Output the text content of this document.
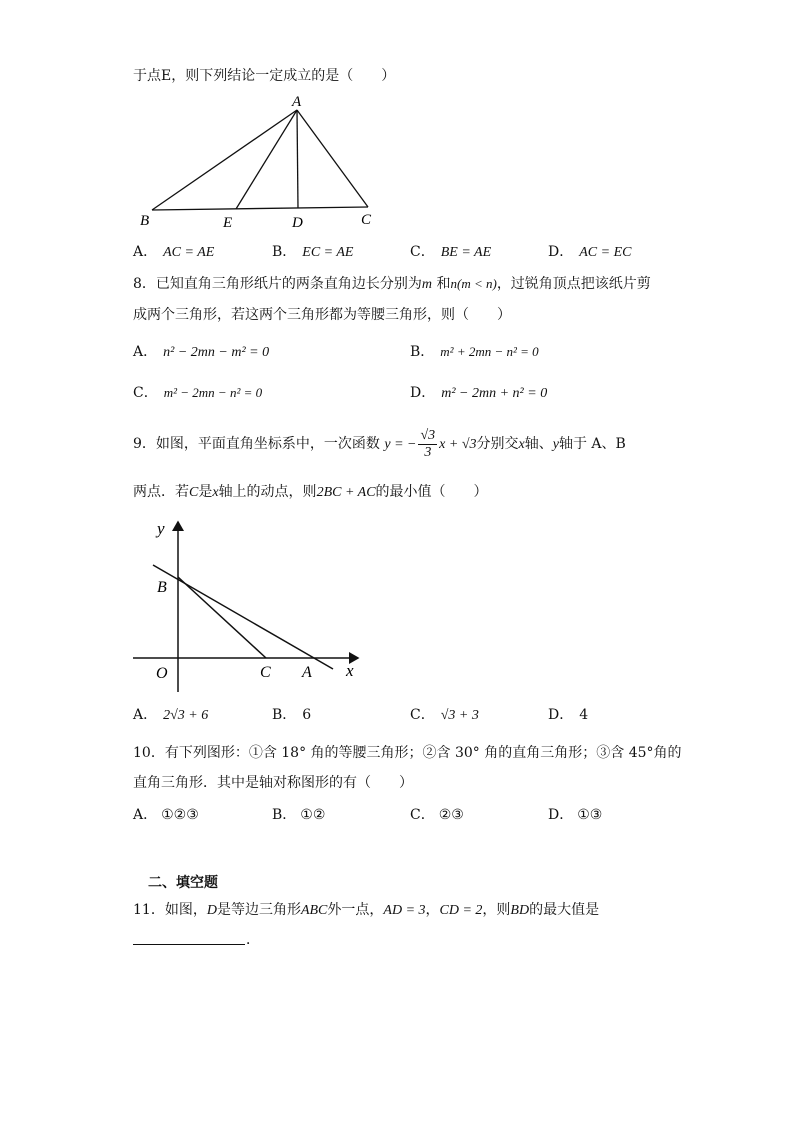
于点E，则下列结论一定成立的是（　　）
A
B	E	D	C
A． AC = AE	B． EC = AE	C． BE = AE	D． AC = EC
8．已知直角三角形纸片的两条直角边长分别为m 和n(m < n)，过锐角顶点把该纸片剪
成两个三角形，若这两个三角形都为等腰三角形，则（　　）
A． n² − 2mn − m² = 0	B． m² + 2mn − n² = 0
C． m² − 2mn − n² = 0	D． m² − 2mn + n² = 0
9．如图，平面直角坐标系中，一次函数 y = − $\frac{√3}{3}$ x + √3分别交x轴、y轴于 A、B
两点．若C是x轴上的动点，则2BC + AC的最小值（　　）
y
x
B
O	C A
A． 2√3 + 6	B． 6	C． √3 + 3	D． 4
10．有下列图形：①含 18° 角的等腰三角形；②含 30° 角的直角三角形；③含 45°角的
直角三角形．其中是轴对称图形的有（　　）
A． ①②③	B． ①②	C． ②③	D． ①③
二、填空题
11．如图，D是等边三角形ABC外一点，AD = 3，CD = 2，则BD的最大值是
．
